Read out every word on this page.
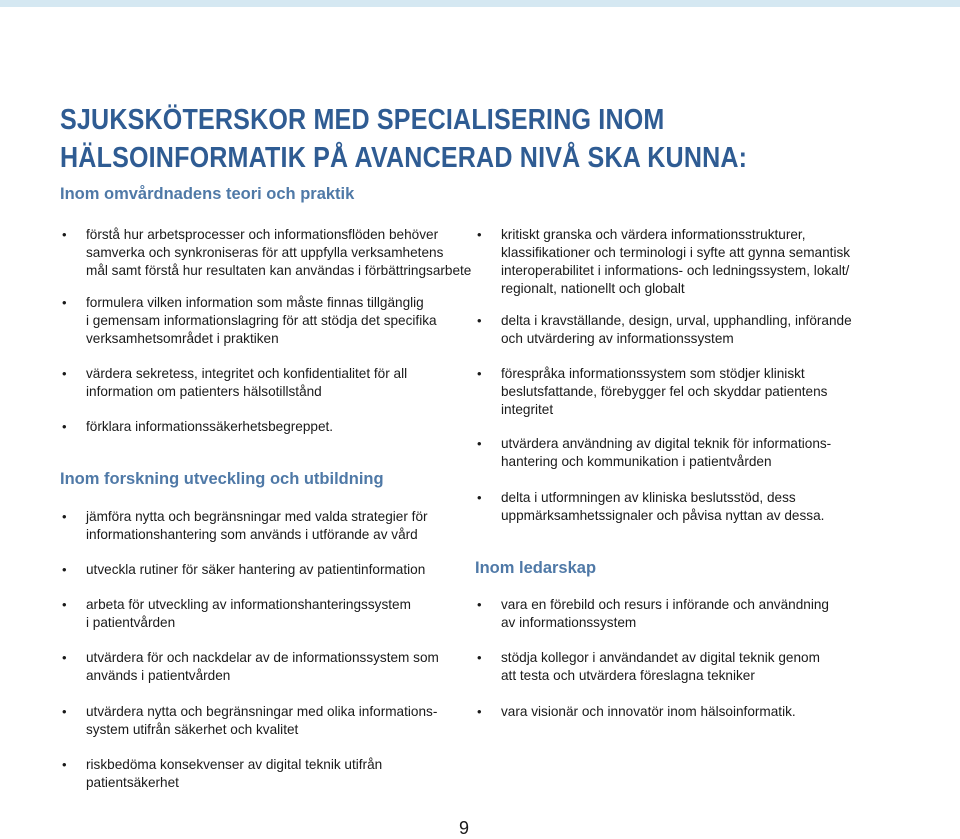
SJUKSKÖTERSKOR MED SPECIALISERING INOM
HÄLSOINFORMATIK PÅ AVANCERAD NIVÅ SKA KUNNA:
Inom omvårdnadens teori och praktik
• förstå hur arbetsprocesser och informationsflöden behöver
samverka och synkroniseras för att uppfylla verksamhetens
mål samt förstå hur resultaten kan användas i förbättringsarbete
• formulera vilken information som måste finnas tillgänglig
i gemensam informationslagring för att stödja det specifika
verksamhetsområdet i praktiken
• värdera sekretess, integritet och konfidentialitet för all
information om patienters hälsotillstånd
• förklara informationssäkerhetsbegreppet.
Inom forskning utveckling och utbildning
• jämföra nytta och begränsningar med valda strategier för
informationshantering som används i utförande av vård
• utveckla rutiner för säker hantering av patientinformation
• arbeta för utveckling av informationshanteringssystem
i patientvården
• utvärdera för och nackdelar av de informationssystem som
används i patientvården
• utvärdera nytta och begränsningar med olika informations-
system utifrån säkerhet och kvalitet
• riskbedöma konsekvenser av digital teknik utifrån
patientsäkerhet
• kritiskt granska och värdera informationsstrukturer,
klassifikationer och terminologi i syfte att gynna semantisk
interoperabilitet i informations- och ledningssystem, lokalt/
regionalt, nationellt och globalt
• delta i kravställande, design, urval, upphandling, införande
och utvärdering av informationssystem
• förespråka informationssystem som stödjer kliniskt
beslutsfattande, förebygger fel och skyddar patientens
integritet
• utvärdera användning av digital teknik för informations-
hantering och kommunikation i patientvården
• delta i utformningen av kliniska beslutsstöd, dess
uppmärksamhetssignaler och påvisa nyttan av dessa.
Inom ledarskap
• vara en förebild och resurs i införande och användning
av informationssystem
• stödja kollegor i användandet av digital teknik genom
att testa och utvärdera föreslagna tekniker
• vara visionär och innovatör inom hälsoinformatik.
9
